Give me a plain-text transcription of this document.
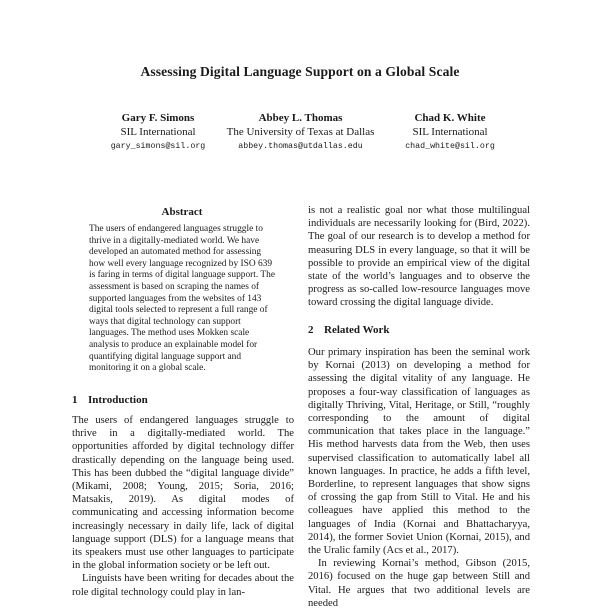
Assessing Digital Language Support on a Global Scale
Gary F. Simons
SIL International
gary_simons@sil.org
Abbey L. Thomas
The University of Texas at Dallas
abbey.thomas@utdallas.edu
Chad K. White
SIL International
chad_white@sil.org
Abstract

The users of endangered languages struggle to thrive in a digitally-mediated world. We have developed an automated method for assessing how well every language recognized by ISO 639 is faring in terms of digital language support. The assessment is based on scraping the names of supported languages from the websites of 143 digital tools selected to represent a full range of ways that digital technology can support languages. The method uses Mokken scale analysis to produce an explainable model for quantifying digital language support and monitoring it on a global scale.

1 Introduction

The users of endangered languages struggle to thrive in a digitally-mediated world. The opportunities afforded by digital technology differ drastically depending on the language being used. This has been dubbed the “digital language divide” (Mikami, 2008; Young, 2015; Soria, 2016; Matsakis, 2019). As digital modes of communicating and accessing information become increasingly necessary in daily life, lack of digital language support (DLS) for a language means that its speakers must use other languages to participate in the global information society or be left out.

Linguists have been writing for decades about the role digital technology could play in lan-

is not a realistic goal nor what those multilingual individuals are necessarily looking for (Bird, 2022). The goal of our research is to develop a method for measuring DLS in every language, so that it will be possible to provide an empirical view of the digital state of the world’s languages and to observe the progress as so-called low-resource languages move toward crossing the digital language divide.

2 Related Work

Our primary inspiration has been the seminal work by Kornai (2013) on developing a method for assessing the digital vitality of any language. He proposes a four-way classification of languages as digitally Thriving, Vital, Heritage, or Still, “roughly corresponding to the amount of digital communication that takes place in the language.” His method harvests data from the Web, then uses supervised classification to automatically label all known languages. In practice, he adds a fifth level, Borderline, to represent languages that show signs of crossing the gap from Still to Vital. He and his colleagues have applied this method to the languages of India (Kornai and Bhattacharyya, 2014), the former Soviet Union (Kornai, 2015), and the Uralic family (Acs et al., 2017).

In reviewing Kornai’s method, Gibson (2015, 2016) focused on the huge gap between Still and Vital. He argues that two additional levels are needed
